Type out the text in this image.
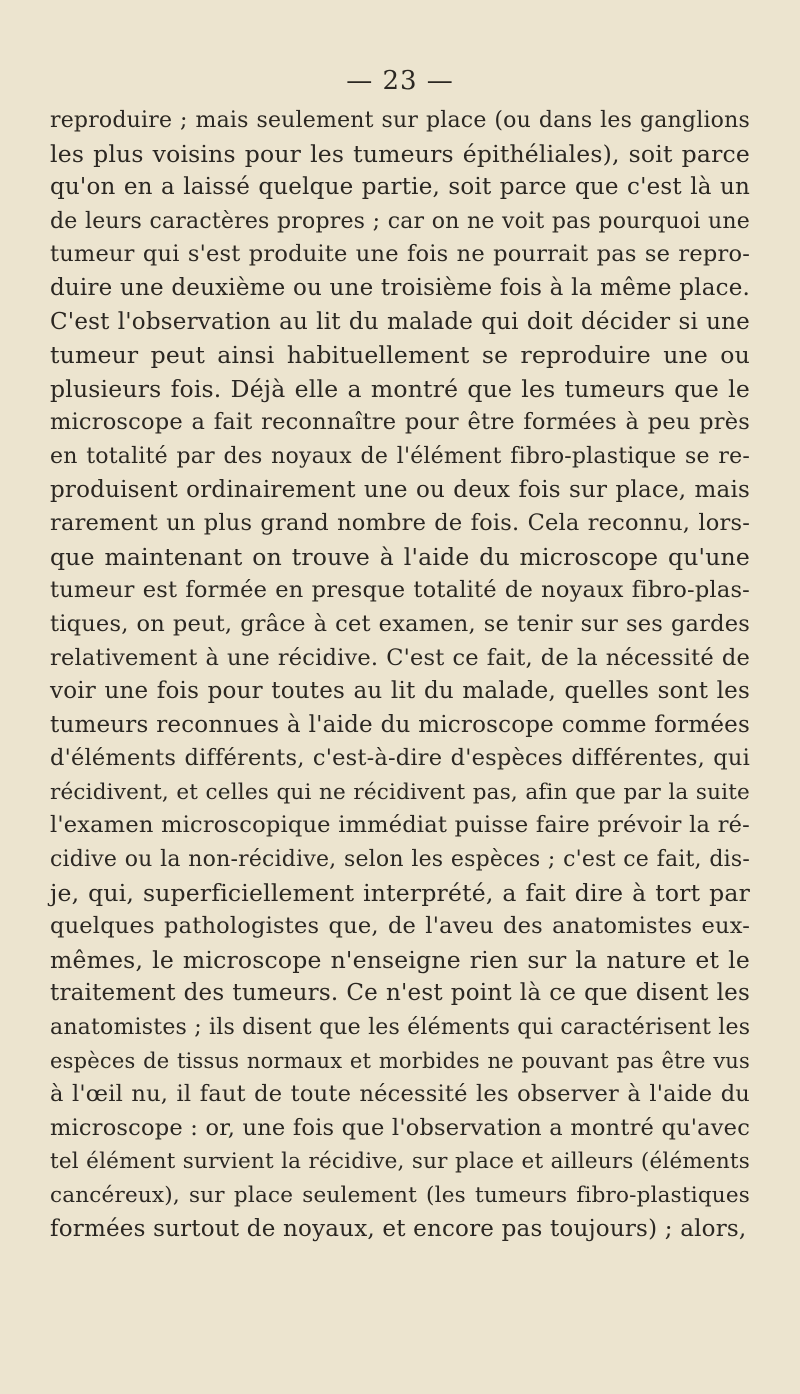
— 23 —
reproduire ; mais seulement sur place (ou dans les ganglions
les plus voisins pour les tumeurs épithéliales), soit parce
qu'on en a laissé quelque partie, soit parce que c'est là un
de leurs caractères propres ; car on ne voit pas pourquoi une
tumeur qui s'est produite une fois ne pourrait pas se repro-
duire une deuxième ou une troisième fois à la même place.
C'est l'observation au lit du malade qui doit décider si une
tumeur peut ainsi habituellement se reproduire une ou
plusieurs fois. Déjà elle a montré que les tumeurs que le
microscope a fait reconnaître pour être formées à peu près
en totalité par des noyaux de l'élément fibro-plastique se re-
produisent ordinairement une ou deux fois sur place, mais
rarement un plus grand nombre de fois. Cela reconnu, lors-
que maintenant on trouve à l'aide du microscope qu'une
tumeur est formée en presque totalité de noyaux fibro-plas-
tiques, on peut, grâce à cet examen, se tenir sur ses gardes
relativement à une récidive. C'est ce fait, de la nécessité de
voir une fois pour toutes au lit du malade, quelles sont les
tumeurs reconnues à l'aide du microscope comme formées
d'éléments différents, c'est-à-dire d'espèces différentes, qui
récidivent, et celles qui ne récidivent pas, afin que par la suite
l'examen microscopique immédiat puisse faire prévoir la ré-
cidive ou la non-récidive, selon les espèces ; c'est ce fait, dis-
je, qui, superficiellement interprété, a fait dire à tort par
quelques pathologistes que, de l'aveu des anatomistes eux-
mêmes, le microscope n'enseigne rien sur la nature et le
traitement des tumeurs. Ce n'est point là ce que disent les
anatomistes ; ils disent que les éléments qui caractérisent les
espèces de tissus normaux et morbides ne pouvant pas être vus
à l'œil nu, il faut de toute nécessité les observer à l'aide du
microscope : or, une fois que l'observation a montré qu'avec
tel élément survient la récidive, sur place et ailleurs (éléments
cancéreux), sur place seulement (les tumeurs fibro-plastiques
formées surtout de noyaux, et encore pas toujours) ; alors,
